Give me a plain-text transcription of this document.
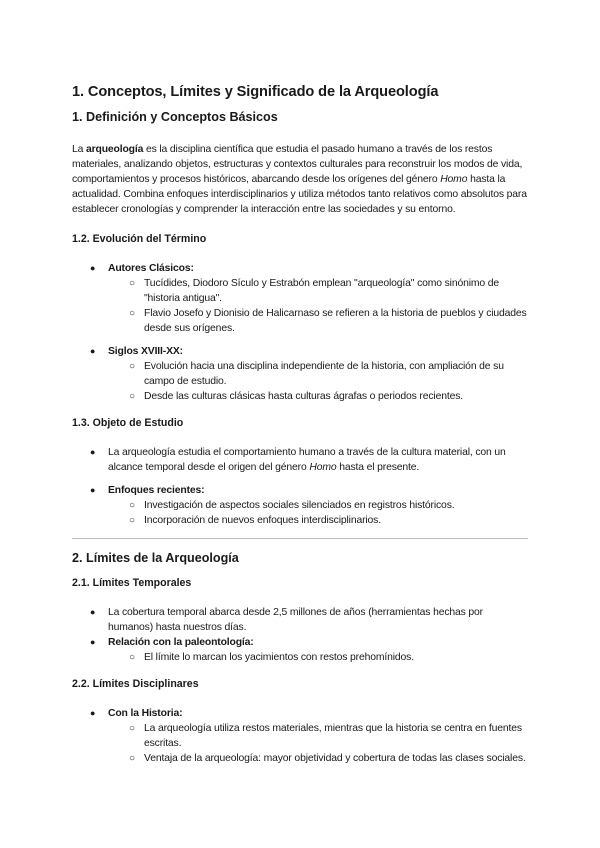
1. Conceptos, Límites y Significado de la Arqueología
1. Definición y Conceptos Básicos

La arqueología es la disciplina científica que estudia el pasado humano a través de los restos materiales, analizando objetos, estructuras y contextos culturales para reconstruir los modos de vida, comportamientos y procesos históricos, abarcando desde los orígenes del género Homo hasta la actualidad. Combina enfoques interdisciplinarios y utiliza métodos tanto relativos como absolutos para establecer cronologías y comprender la interacción entre las sociedades y su entorno.

1.2. Evolución del Término
● Autores Clásicos:
○ Tucídides, Diodoro Sículo y Estrabón emplean "arqueología" como sinónimo de "historia antigua".
○ Flavio Josefo y Dionisio de Halicarnaso se refieren a la historia de pueblos y ciudades desde sus orígenes.
● Siglos XVIII-XX:
○ Evolución hacia una disciplina independiente de la historia, con ampliación de su campo de estudio.
○ Desde las culturas clásicas hasta culturas ágrafas o periodos recientes.
1.3. Objeto de Estudio
● La arqueología estudia el comportamiento humano a través de la cultura material, con un alcance temporal desde el origen del género Homo hasta el presente.
● Enfoques recientes:
○ Investigación de aspectos sociales silenciados en registros históricos.
○ Incorporación de nuevos enfoques interdisciplinarios.
2. Límites de la Arqueología
2.1. Límites Temporales
● La cobertura temporal abarca desde 2,5 millones de años (herramientas hechas por humanos) hasta nuestros días.
● Relación con la paleontología:
○ El límite lo marcan los yacimientos con restos prehomínidos.
2.2. Límites Disciplinares
● Con la Historia:
○ La arqueología utiliza restos materiales, mientras que la historia se centra en fuentes escritas.
○ Ventaja de la arqueología: mayor objetividad y cobertura de todas las clases sociales.
